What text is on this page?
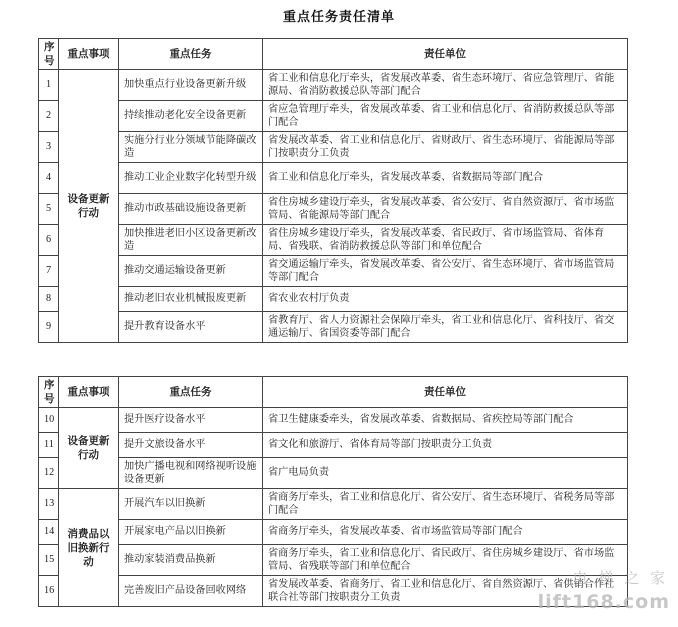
重点任务责任清单
序号	重点事项	重点任务	责任单位
1	设备更新行动	加快重点行业设备更新升级	省工业和信息化厅牵头，省发展改革委、省生态环境厅、省应急管理厅、省能源局、省消防救援总队等部门配合
2		持续推动老化安全设备更新	省应急管理厅牵头，省发展改革委、省工业和信息化厅、省消防救援总队等部门配合
3		实施分行业分领域节能降碳改造	省发展改革委、省工业和信息化厅、省财政厅、省生态环境厅、省能源局等部门按职责分工负责
4		推动工业企业数字化转型升级	省工业和信息化厅牵头，省发展改革委、省数据局等部门配合
5		推动市政基础设施设备更新	省住房城乡建设厅牵头，省发展改革委、省公安厅、省自然资源厅、省市场监管局、省能源局等部门配合
6		加快推进老旧小区设备更新改造	省住房城乡建设厅牵头，省发展改革委、省民政厅、省市场监管局、省体育局、省残联、省消防救援总队等部门和单位配合
7		推动交通运输设备更新	省交通运输厅牵头，省发展改革委、省公安厅、省生态环境厅、省市场监管局等部门配合
8		推动老旧农业机械报废更新	省农业农村厅负责
9		提升教育设备水平	省教育厅、省人力资源社会保障厅牵头，省工业和信息化厅、省科技厅、省交通运输厅、省国资委等部门配合
序号	重点事项	重点任务	责任单位
10	设备更新行动	提升医疗设备水平	省卫生健康委牵头，省发展改革委、省数据局、省疾控局等部门配合
11		提升文旅设备水平	省文化和旅游厅、省体育局等部门按职责分工负责
12		加快广播电视和网络视听设施设备更新	省广电局负责
13	消费品以旧换新行动	开展汽车以旧换新	省商务厅牵头，省工业和信息化厅、省公安厅、省生态环境厅、省税务局等部门配合
14		开展家电产品以旧换新	省商务厅牵头，省发展改革委、省市场监管局等部门配合
15		推动家装消费品换新	省商务厅牵头，省工业和信息化厅、省民政厅、省住房城乡建设厅、省市场监管局、省残联等部门和单位配合
16		完善废旧产品设备回收网络	省发展改革委、省商务厅、省工业和信息化厅、省自然资源厅、省供销合作社联合社等部门按职责分工负责
电 梯 之 家
lift168.com
